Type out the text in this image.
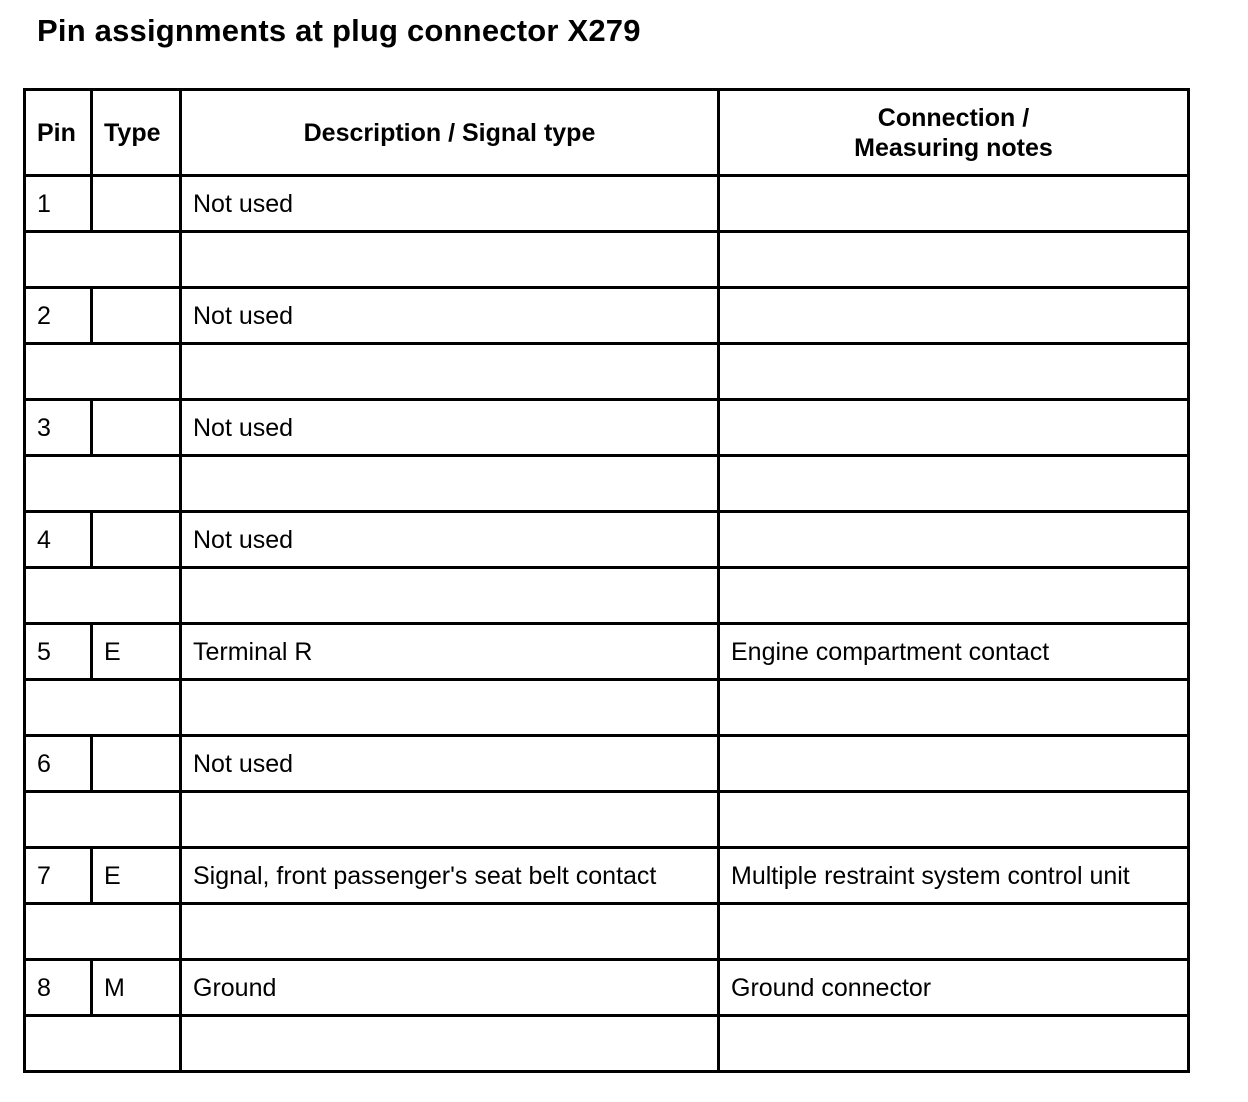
Pin assignments at plug connector X279
Pin	Type	Description / Signal type	Connection /
Measuring notes

1		Not used	

2		Not used	

3		Not used	

4		Not used	

5	E	Terminal R	Engine compartment contact

6		Not used	

7	E	Signal, front passenger's seat belt contact	Multiple restraint system control unit

8	M	Ground	Ground connector
